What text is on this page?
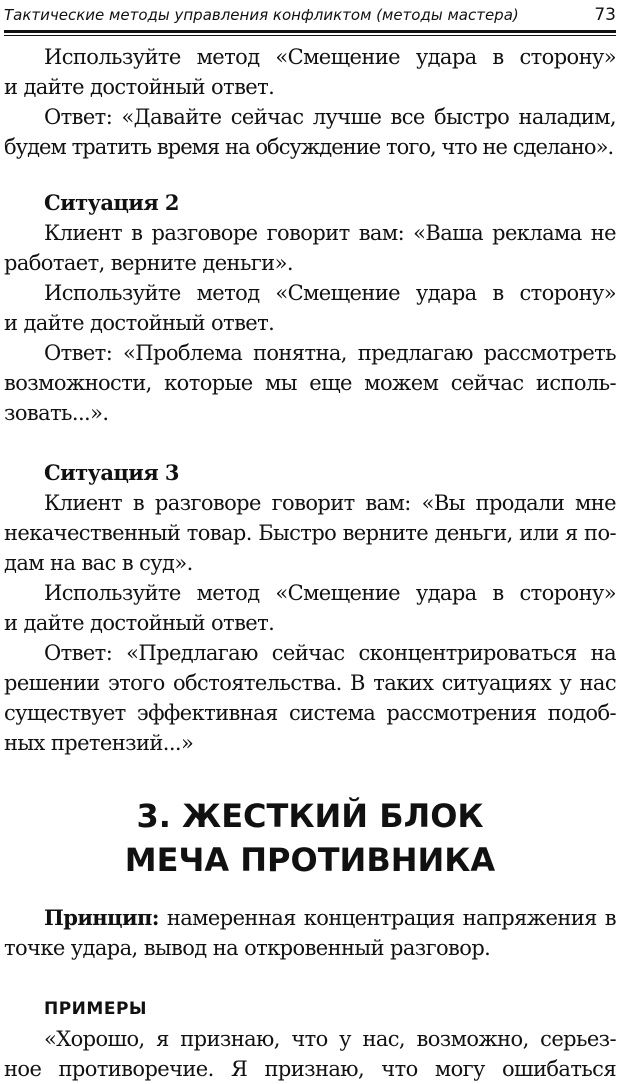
Тактические методы управления конфликтом (методы мастера)	73
Используйте метод «Смещение удара в сторону»
и дайте достойный ответ.
Ответ: «Давайте сейчас лучше все быстро наладим,
будем тратить время на обсуждение того, что не сделано».
Ситуация 2
Клиент в разговоре говорит вам: «Ваша реклама не
работает, верните деньги».
Используйте метод «Смещение удара в сторону»
и дайте достойный ответ.
Ответ: «Проблема понятна, предлагаю рассмотреть
возможности, которые мы еще можем сейчас исполь-
зовать...».
Ситуация 3
Клиент в разговоре говорит вам: «Вы продали мне
некачественный товар. Быстро верните деньги, или я по-
дам на вас в суд».
Используйте метод «Смещение удара в сторону»
и дайте достойный ответ.
Ответ: «Предлагаю сейчас сконцентрироваться на
решении этого обстоятельства. В таких ситуациях у нас
существует эффективная система рассмотрения подоб-
ных претензий...»
3. ЖЕСТКИЙ БЛОК
МЕЧА ПРОТИВНИКА
Принцип: намеренная концентрация напряжения в
точке удара, вывод на откровенный разговор.
ПРИМЕРЫ
«Хорошо, я признаю, что у нас, возможно, серьез-
ное противоречие. Я признаю, что могу ошибаться
